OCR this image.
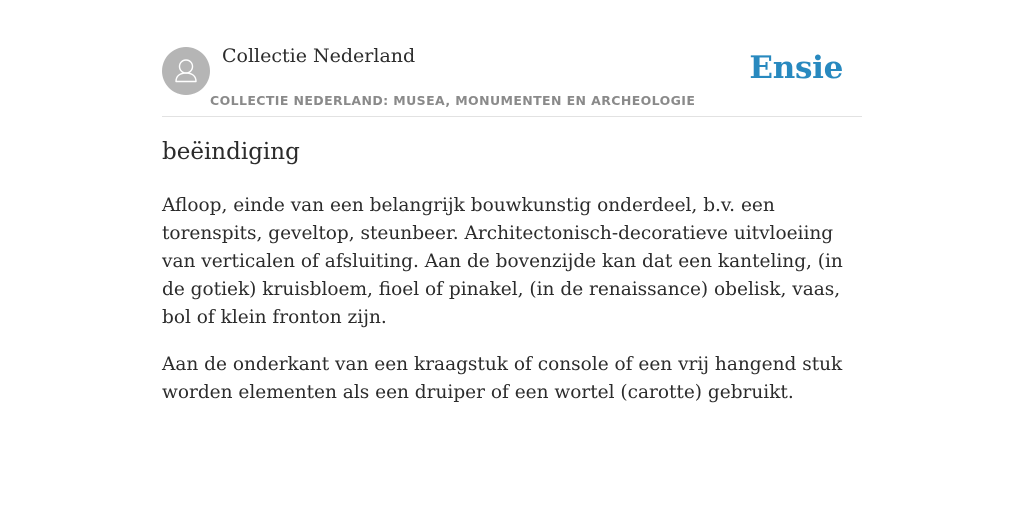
Collectie Nederland
COLLECTIE NEDERLAND: MUSEA, MONUMENTEN EN ARCHEOLOGIE
Ensie
beëindiging

Afloop, einde van een belangrijk bouwkunstig onderdeel, b.v. een torenspits, geveltop, steunbeer. Architectonisch-decoratieve uitvloeiing van verticalen of afsluiting. Aan de bovenzijde kan dat een kanteling, (in de gotiek) kruisbloem, fioel of pinakel, (in de renaissance) obelisk, vaas, bol of klein fronton zijn.

Aan de onderkant van een kraagstuk of console of een vrij hangend stuk worden elementen als een druiper of een wortel (carotte) gebruikt.
